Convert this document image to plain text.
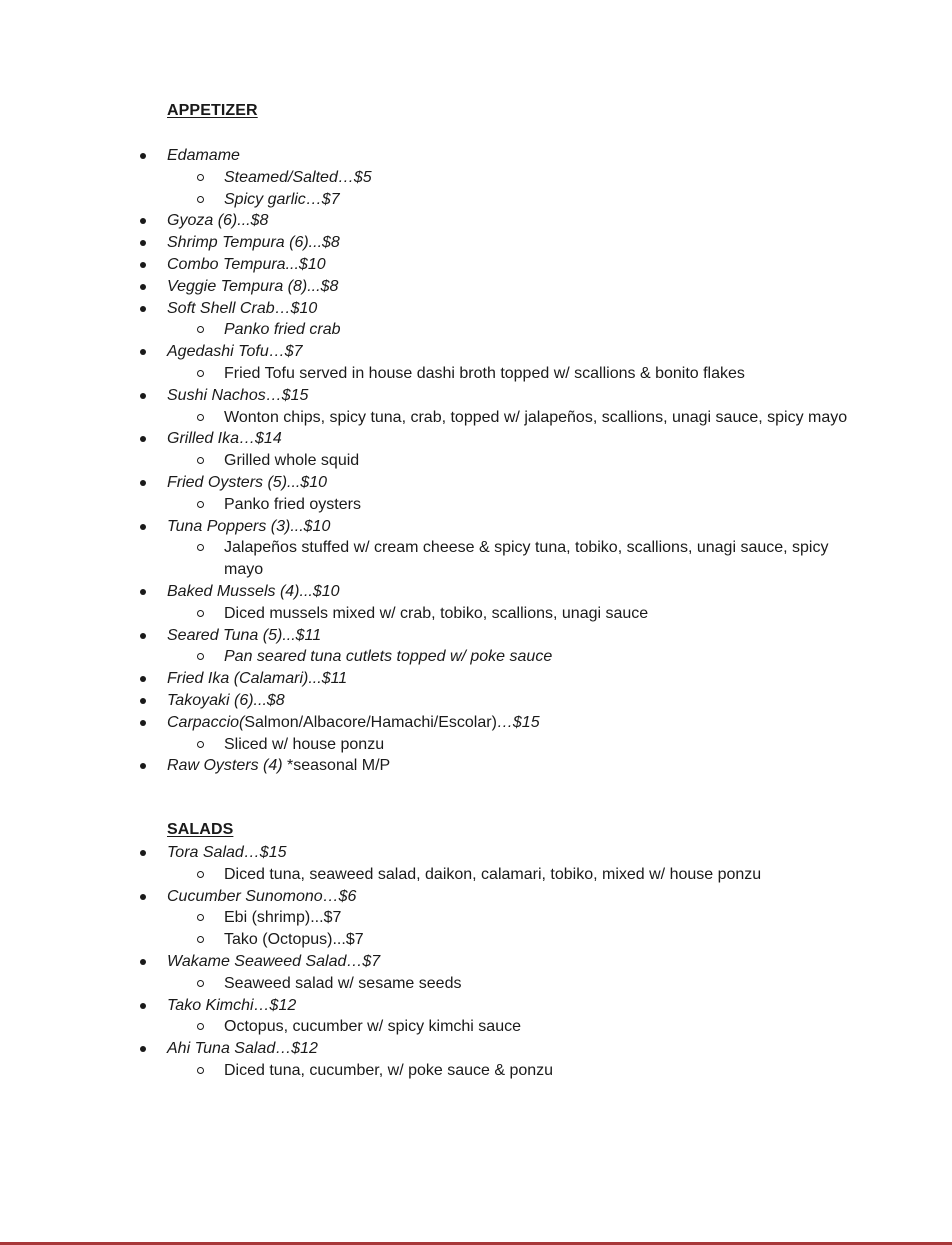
APPETIZER
Edamame
Steamed/Salted…$5
Spicy garlic…$7
Gyoza (6)...$8
Shrimp Tempura (6)...$8
Combo Tempura...$10
Veggie Tempura (8)...$8
Soft Shell Crab…$10
Panko fried crab
Agedashi Tofu…$7
Fried Tofu served in house dashi broth topped w/ scallions & bonito flakes
Sushi Nachos…$15
Wonton chips, spicy tuna, crab, topped w/ jalapeños, scallions, unagi sauce, spicy mayo
Grilled Ika…$14
Grilled whole squid
Fried Oysters (5)...$10
Panko fried oysters
Tuna Poppers (3)...$10
Jalapeños stuffed w/ cream cheese & spicy tuna, tobiko, scallions, unagi sauce, spicy mayo
Baked Mussels (4)...$10
Diced mussels mixed w/ crab, tobiko, scallions, unagi sauce
Seared Tuna (5)...$11
Pan seared tuna cutlets topped w/ poke sauce
Fried Ika (Calamari)...$11
Takoyaki (6)...$8
Carpaccio(Salmon/Albacore/Hamachi/Escolar)…$15
Sliced w/ house ponzu
Raw Oysters (4) *seasonal M/P
SALADS
Tora Salad…$15
Diced tuna, seaweed salad, daikon, calamari, tobiko, mixed w/ house ponzu
Cucumber Sunomono…$6
Ebi (shrimp)...$7
Tako (Octopus)...$7
Wakame Seaweed Salad…$7
Seaweed salad w/ sesame seeds
Tako Kimchi…$12
Octopus, cucumber w/ spicy kimchi sauce
Ahi Tuna Salad…$12
Diced tuna, cucumber, w/ poke sauce & ponzu
